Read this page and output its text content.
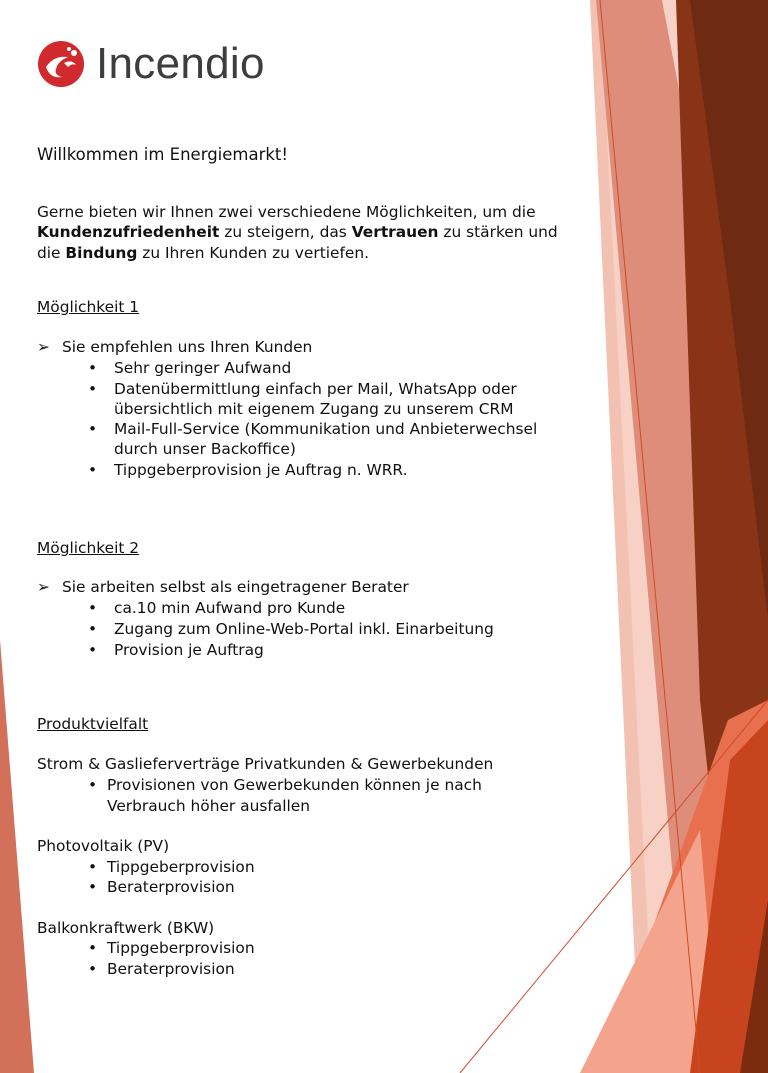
Incendio
Willkommen im Energiemarkt!
Gerne bieten wir Ihnen zwei verschiedene Möglichkeiten, um die
Kundenzufriedenheit zu steigern, das Vertrauen zu stärken und
die Bindung zu Ihren Kunden zu vertiefen.
Möglichkeit 1
➢ Sie empfehlen uns Ihren Kunden
• Sehr geringer Aufwand
• Datenübermittlung einfach per Mail, WhatsApp oder
übersichtlich mit eigenem Zugang zu unserem CRM
• Mail-Full-Service (Kommunikation und Anbieterwechsel
durch unser Backoffice)
• Tippgeberprovision je Auftrag n. WRR.
Möglichkeit 2
➢ Sie arbeiten selbst als eingetragener Berater
• ca.10 min Aufwand pro Kunde
• Zugang zum Online-Web-Portal inkl. Einarbeitung
• Provision je Auftrag
Produktvielfalt
Strom & Gaslieferverträge Privatkunden & Gewerbekunden
• Provisionen von Gewerbekunden können je nach
Verbrauch höher ausfallen
Photovoltaik (PV)
• Tippgeberprovision
• Beraterprovision
Balkonkraftwerk (BKW)
• Tippgeberprovision
• Beraterprovision
